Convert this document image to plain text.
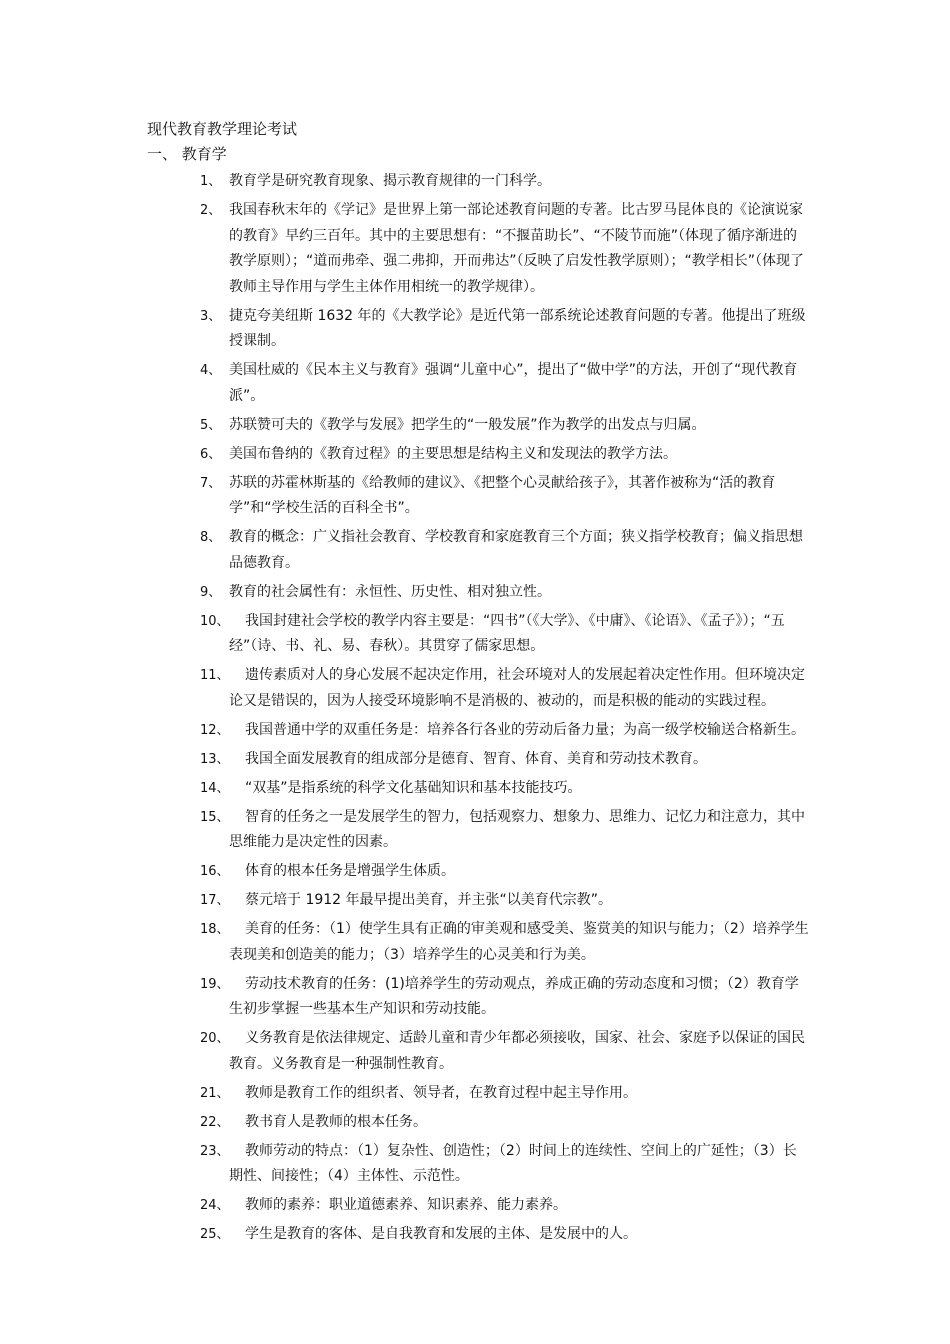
现代教育教学理论考试
一、 教育学
1、 教育学是研究教育现象、揭示教育规律的一门科学。
2、 我国春秋末年的《学记》是世界上第一部论述教育问题的专著。比古罗马昆体良的《论演说家的教育》早约三百年。其中的主要思想有：“不揠苗助长”、“不陵节而施”（体现了循序渐进的教学原则）；“道而弗牵、强二弗抑，开而弗达”（反映了启发性教学原则）；“教学相长”（体现了教师主导作用与学生主体作用相统一的教学规律）。
3、 捷克夸美纽斯 1632 年的《大教学论》是近代第一部系统论述教育问题的专著。他提出了班级授课制。
4、 美国杜威的《民本主义与教育》强调“儿童中心”，提出了“做中学”的方法，开创了“现代教育派”。
5、 苏联赞可夫的《教学与发展》把学生的“一般发展”作为教学的出发点与归属。
6、 美国布鲁纳的《教育过程》的主要思想是结构主义和发现法的教学方法。
7、 苏联的苏霍林斯基的《给教师的建议》、《把整个心灵献给孩子》，其著作被称为“活的教育学”和“学校生活的百科全书”。
8、 教育的概念：广义指社会教育、学校教育和家庭教育三个方面；狭义指学校教育；偏义指思想品德教育。
9、 教育的社会属性有：永恒性、历史性、相对独立性。
10、	我国封建社会学校的教学内容主要是：“四书”（《大学》、《中庸》、《论语》、《孟子》）；“五经”（诗、书、礼、易、春秋）。其贯穿了儒家思想。
11、	遗传素质对人的身心发展不起决定作用，社会环境对人的发展起着决定性作用。但环境决定论又是错误的，因为人接受环境影响不是消极的、被动的，而是积极的能动的实践过程。
12、	我国普通中学的双重任务是：培养各行各业的劳动后备力量；为高一级学校输送合格新生。
13、	我国全面发展教育的组成部分是德育、智育、体育、美育和劳动技术教育。
14、	“双基”是指系统的科学文化基础知识和基本技能技巧。
15、	智育的任务之一是发展学生的智力，包括观察力、想象力、思维力、记忆力和注意力，其中思维能力是决定性的因素。
16、	体育的根本任务是增强学生体质。
17、	蔡元培于 1912 年最早提出美育，并主张“以美育代宗教”。
18、	美育的任务：（1）使学生具有正确的审美观和感受美、鉴赏美的知识与能力；（2）培养学生表现美和创造美的能力；（3）培养学生的心灵美和行为美。
19、	劳动技术教育的任务：(1)培养学生的劳动观点，养成正确的劳动态度和习惯；（2）教育学生初步掌握一些基本生产知识和劳动技能。
20、	义务教育是依法律规定、适龄儿童和青少年都必须接收，国家、社会、家庭予以保证的国民教育。义务教育是一种强制性教育。
21、	教师是教育工作的组织者、领导者，在教育过程中起主导作用。
22、	教书育人是教师的根本任务。
23、	教师劳动的特点：（1）复杂性、创造性；（2）时间上的连续性、空间上的广延性；（3）长期性、间接性；（4）主体性、示范性。
24、	教师的素养：职业道德素养、知识素养、能力素养。
25、	学生是教育的客体、是自我教育和发展的主体、是发展中的人。
